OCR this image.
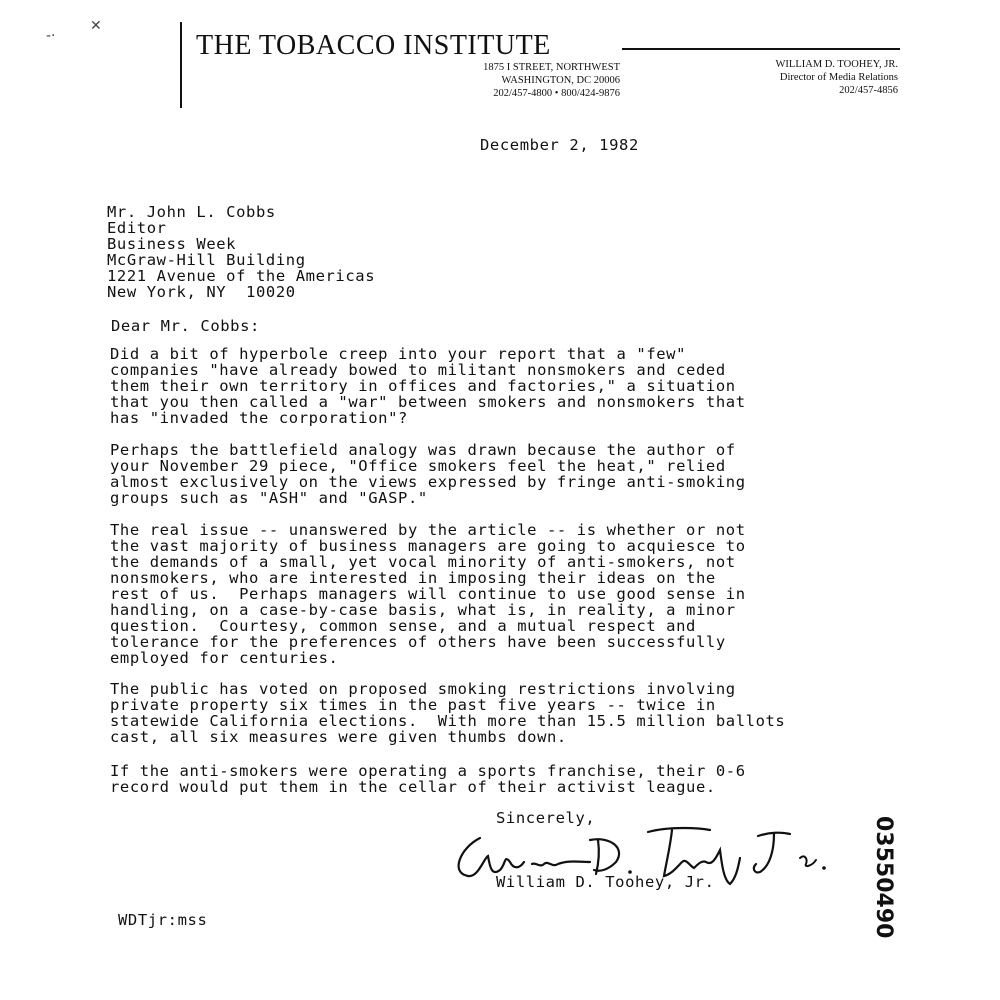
-·
✕
THE TOBACCO INSTITUTE
1875 I STREET, NORTHWEST
WASHINGTON, DC 20006
202/457-4800 • 800/424-9876
WILLIAM D. TOOHEY, JR.
Director of Media Relations
202/457-4856
December 2, 1982
Mr. John L. Cobbs
Editor
Business Week
McGraw-Hill Building
1221 Avenue of the Americas
New York, NY  10020
Dear Mr. Cobbs:
Did a bit of hyperbole creep into your report that a "few"
companies "have already bowed to militant nonsmokers and ceded
them their own territory in offices and factories," a situation
that you then called a "war" between smokers and nonsmokers that
has "invaded the corporation"?
Perhaps the battlefield analogy was drawn because the author of
your November 29 piece, "Office smokers feel the heat," relied
almost exclusively on the views expressed by fringe anti-smoking
groups such as "ASH" and "GASP."
The real issue -- unanswered by the article -- is whether or not
the vast majority of business managers are going to acquiesce to
the demands of a small, yet vocal minority of anti-smokers, not
nonsmokers, who are interested in imposing their ideas on the
rest of us.  Perhaps managers will continue to use good sense in
handling, on a case-by-case basis, what is, in reality, a minor
question.  Courtesy, common sense, and a mutual respect and
tolerance for the preferences of others have been successfully
employed for centuries.
The public has voted on proposed smoking restrictions involving
private property six times in the past five years -- twice in
statewide California elections.  With more than 15.5 million ballots
cast, all six measures were given thumbs down.
If the anti-smokers were operating a sports franchise, their 0-6
record would put them in the cellar of their activist league.
Sincerely,
William D. Toohey, Jr.
WDTjr:mss	03550490
